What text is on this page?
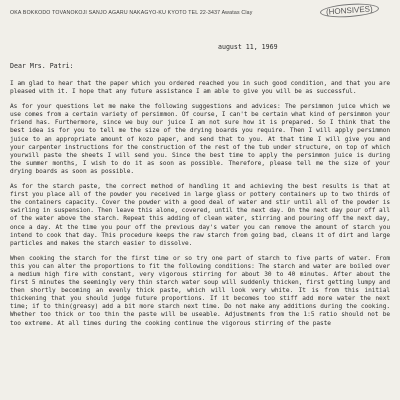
OKA BOKKODO TOVANOKOJI SANJO AGARU NAKAGYO-KU KYOTO TEL 22-3437 Awatas Clay	(HONSIVES)
august 11, 1969
Dear Mrs. Patri:

I am glad to hear that the paper which you ordered reached you in such good condition, and that you are pleased with it. I hope that any future assistance I am able to give you will be as successful.

As for your questions let me make the following suggestions and advices: The persimmon juice which we use comes from a certain variety of persimmon. Of course, I can't be certain what kind of persimmon your friend has. Furthermore, since we buy our juice I am not sure how it is prepared. So I think that the best idea is for you to tell me the size of the drying boards you require. Then I will apply persimmon juice to an appropriate amount of kozo paper, and send that to you. At that time I will give you and your carpenter instructions for the construction of the rest of the tub under structure, on top of which yourwill paste the sheets I will send you. Since the best time to apply the persimmon juice is during the summer months, I wish to do it as soon as possible. Therefore, please tell me the size of your drying boards as soon as possible.

As for the starch paste, the correct method of handling it and achieving the best results is that at first you place all of the powder you received in large glass or pottery containers up to two thirds of the containers capacity. Cover the powder with a good deal of water and stir until all of the powder is swirling in suspension. Then leave this alone, covered, until the next day. On the next day pour off all of the water above the starch. Repeat this adding of clean water, stirring and pouring off the next day, once a day. At the time you pour off the previous day's water you can remove the amount of starch you intend to cook that day. This procedure keeps the raw starch from going bad, cleans it of dirt and large particles and makes the starch easier to dissolve.

When cooking the starch for the first time or so try one part of starch to five parts of water. From this you can alter the proportions to fit the following conditions: The starch and water are boiled over a medium high fire with constant, very vigorous stirring for about 30 to 40 minutes. After about the first 5 minutes the seemingly very thin starch water soup will suddenly thicken, first getting lumpy and then shortly becoming an evenly thick paste, which will look very white. It is from this initial thickening that you should judge future proportions. If it becomes too stiff add more water the next time; if to thin(greasy) add a bit more starch next time. Do not make any additions during the cooking. Whether too thick or too thin the paste will be useable. Adjustments from the 1:5 ratio should not be too extreme. At all times during the cooking continue the vigorous stirring of the paste
